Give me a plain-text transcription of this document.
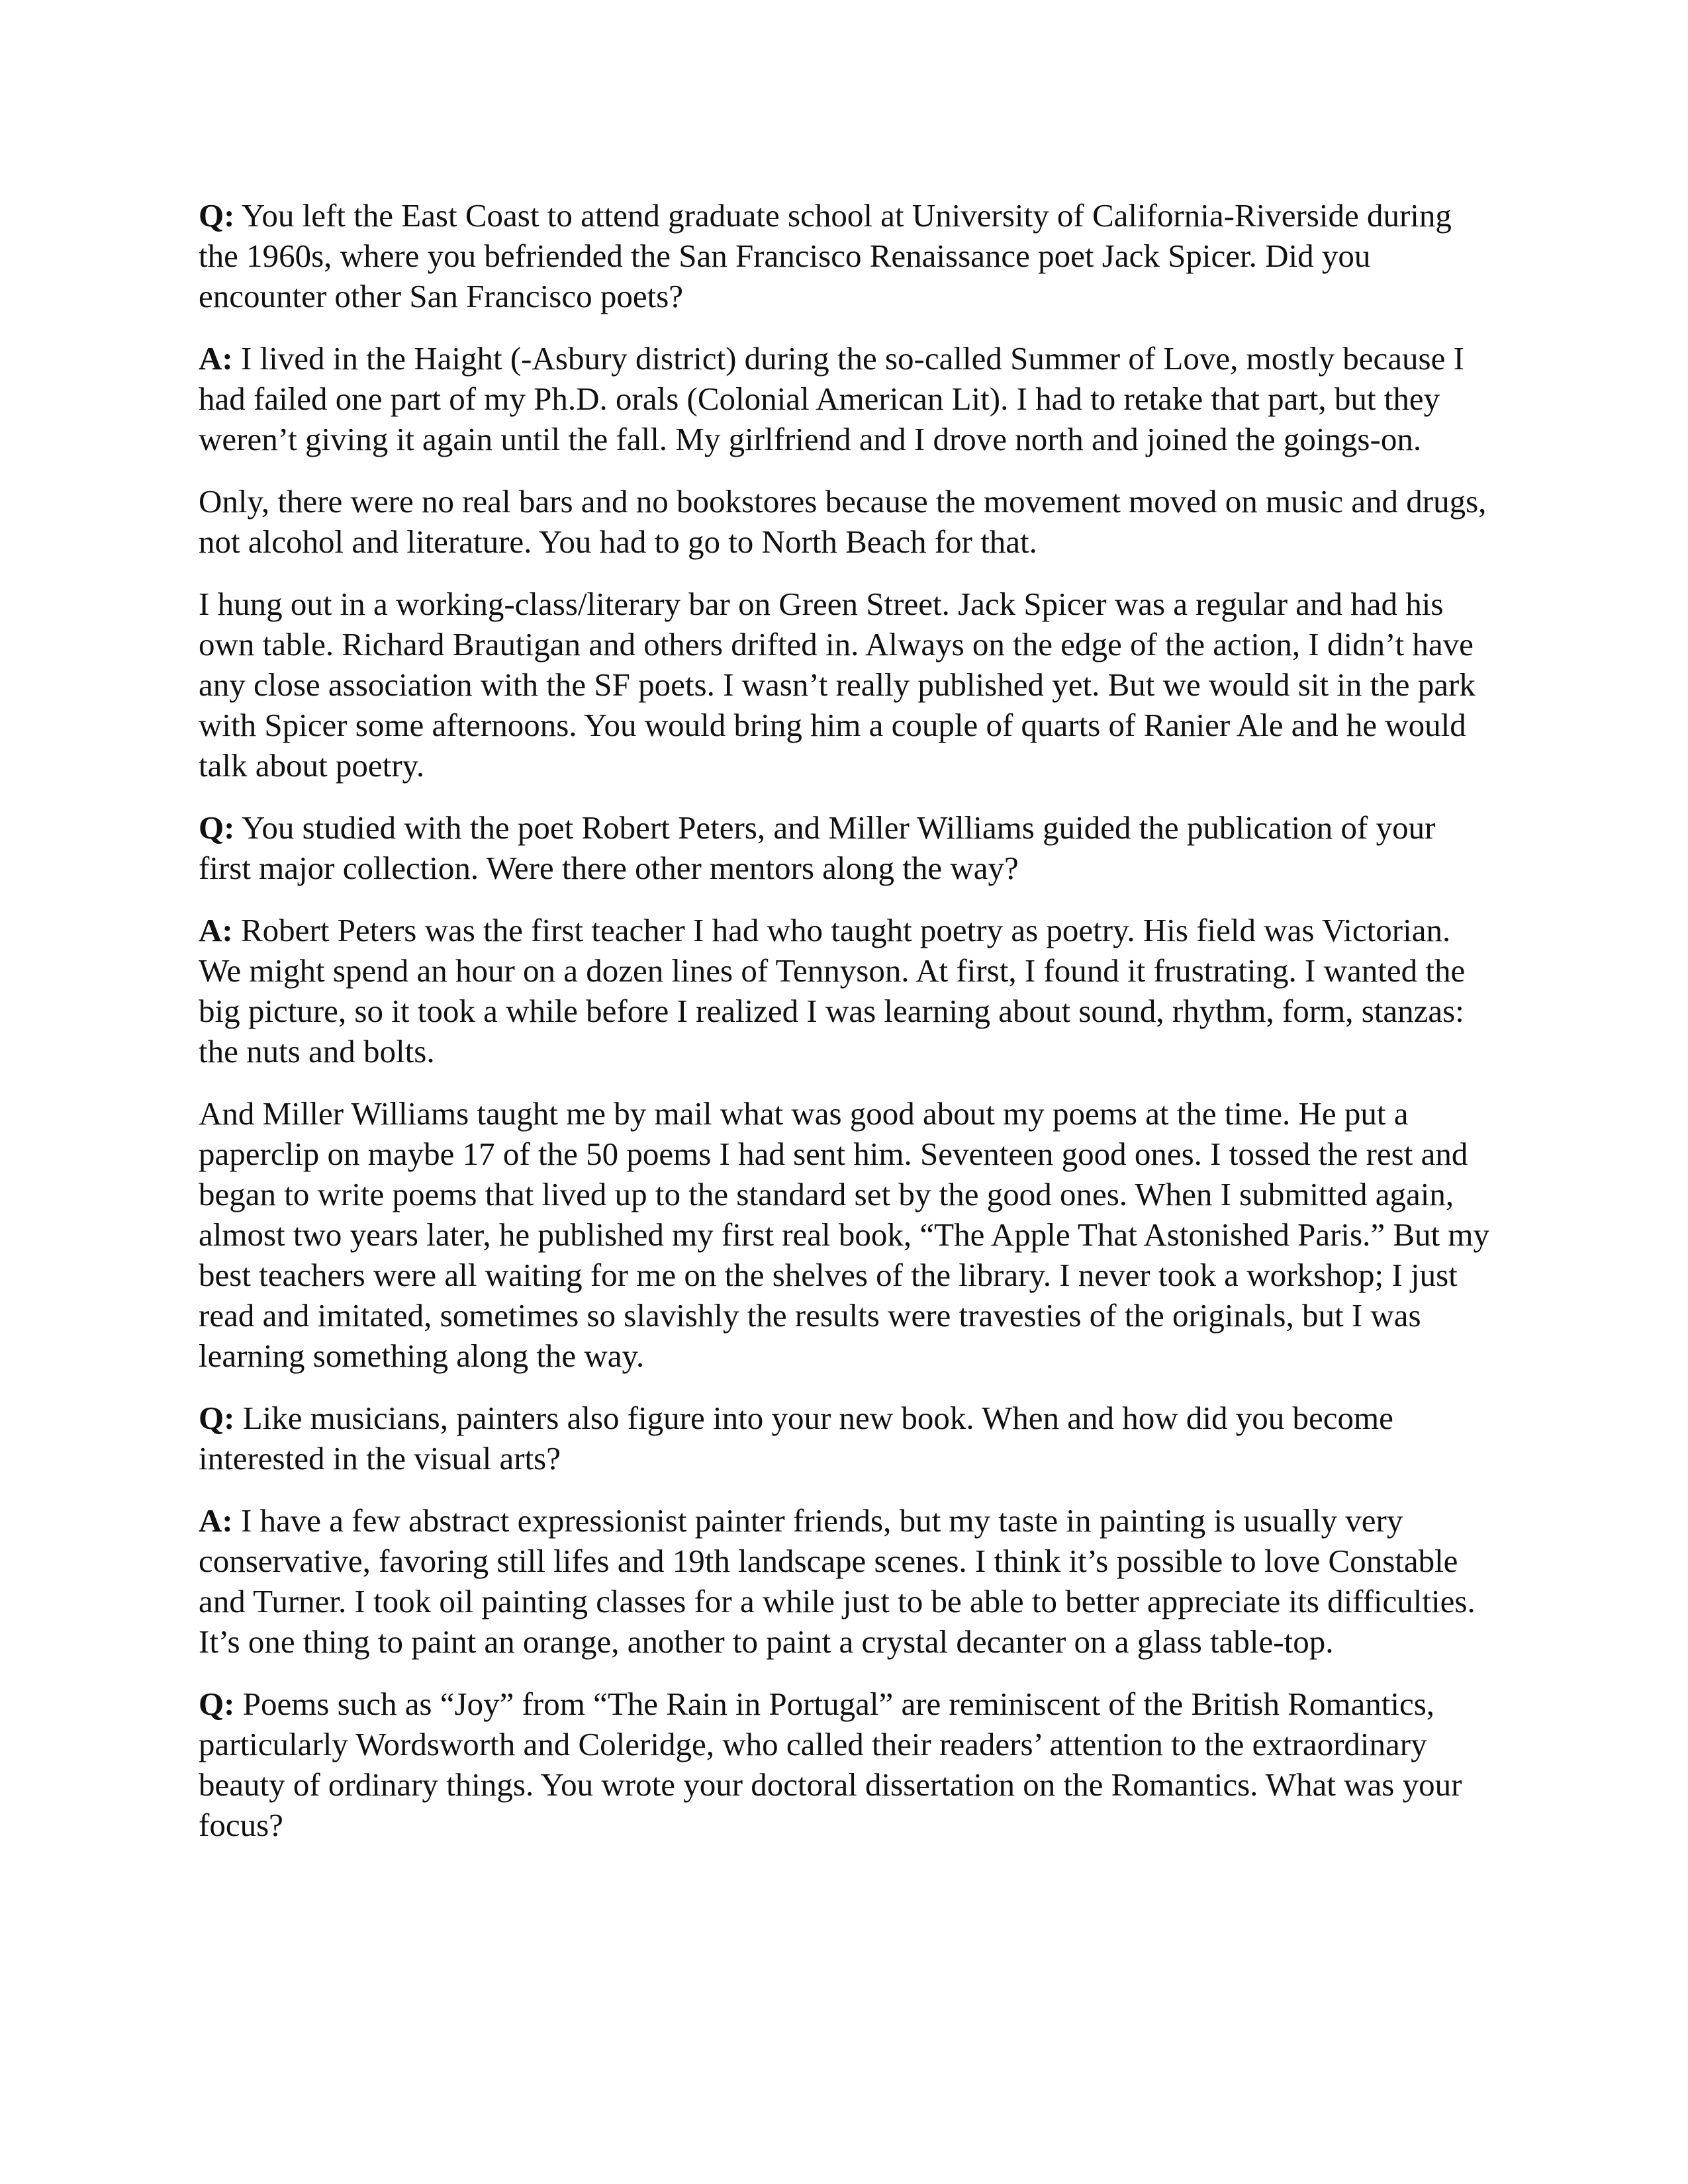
Q: You left the East Coast to attend graduate school at University of California-Riverside during the 1960s, where you befriended the San Francisco Renaissance poet Jack Spicer. Did you encounter other San Francisco poets?

A: I lived in the Haight (-Asbury district) during the so-called Summer of Love, mostly because I had failed one part of my Ph.D. orals (Colonial American Lit). I had to retake that part, but they weren’t giving it again until the fall. My girlfriend and I drove north and joined the goings-on.

Only, there were no real bars and no bookstores because the movement moved on music and drugs, not alcohol and literature. You had to go to North Beach for that.

I hung out in a working-class/literary bar on Green Street. Jack Spicer was a regular and had his own table. Richard Brautigan and others drifted in. Always on the edge of the action, I didn’t have any close association with the SF poets. I wasn’t really published yet. But we would sit in the park with Spicer some afternoons. You would bring him a couple of quarts of Ranier Ale and he would talk about poetry.

Q: You studied with the poet Robert Peters, and Miller Williams guided the publication of your first major collection. Were there other mentors along the way?

A: Robert Peters was the first teacher I had who taught poetry as poetry. His field was Victorian. We might spend an hour on a dozen lines of Tennyson. At first, I found it frustrating. I wanted the big picture, so it took a while before I realized I was learning about sound, rhythm, form, stanzas: the nuts and bolts.

And Miller Williams taught me by mail what was good about my poems at the time. He put a paperclip on maybe 17 of the 50 poems I had sent him. Seventeen good ones. I tossed the rest and began to write poems that lived up to the standard set by the good ones. When I submitted again, almost two years later, he published my first real book, “The Apple That Astonished Paris.” But my best teachers were all waiting for me on the shelves of the library. I never took a workshop; I just read and imitated, sometimes so slavishly the results were travesties of the originals, but I was learning something along the way.

Q: Like musicians, painters also figure into your new book. When and how did you become interested in the visual arts?

A: I have a few abstract expressionist painter friends, but my taste in painting is usually very conservative, favoring still lifes and 19th landscape scenes. I think it’s possible to love Constable and Turner. I took oil painting classes for a while just to be able to better appreciate its difficulties. It’s one thing to paint an orange, another to paint a crystal decanter on a glass table-top.

Q: Poems such as “Joy” from “The Rain in Portugal” are reminiscent of the British Romantics, particularly Wordsworth and Coleridge, who called their readers’ attention to the extraordinary beauty of ordinary things. You wrote your doctoral dissertation on the Romantics. What was your focus?
